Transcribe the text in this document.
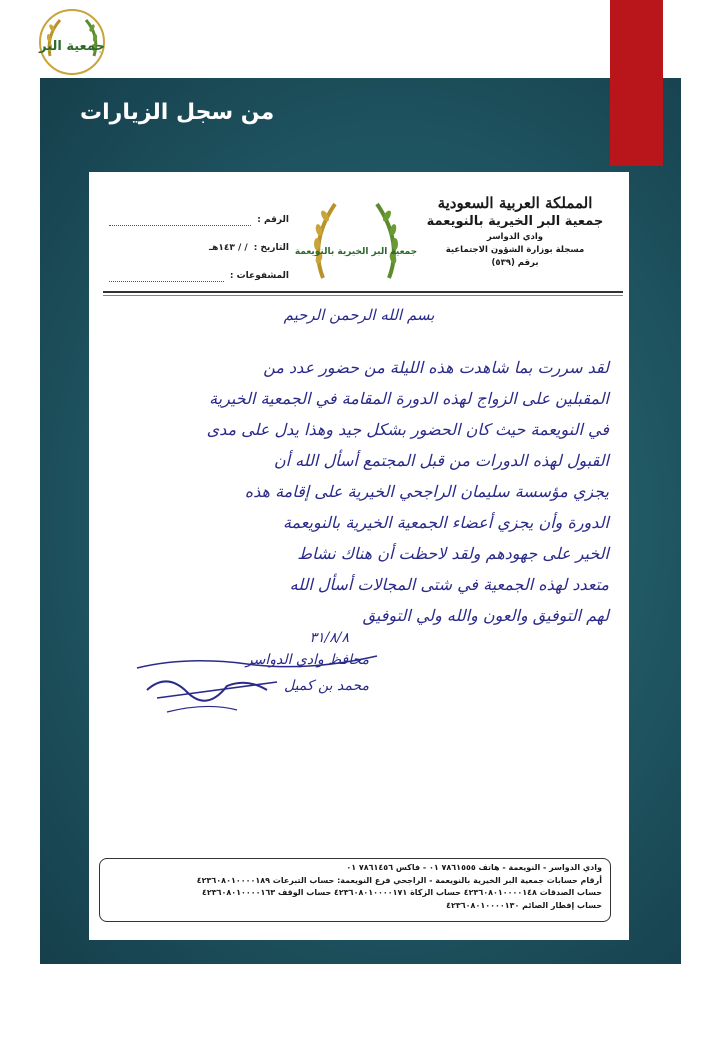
جمعية البر
من سجل الزيارات
المملكة العربية السعودية
جمعية البر الخيرية بالنويعمة
وادي الدواسر
مسجلة بوزارة الشؤون الاجتماعية
برقم (٥٣٩)
جمعية البر الخيرية بالنويعمة
الرقم :
التاريخ :
/ / ١٤٣هـ
المشفوعات :
بسم الله الرحمن الرحيم
لقد سررت بما شاهدت هذه الليلة من حضور عدد من
المقبلين على الزواج لهذه الدورة المقامة في الجمعية الخيرية
في النويعمة حيث كان الحضور بشكل جيد وهذا يدل على مدى
القبول لهذه الدورات من قبل المجتمع أسأل الله أن
يجزي مؤسسة سليمان الراجحي الخيرية على إقامة هذه
الدورة وأن يجزي أعضاء الجمعية الخيرية بالنويعمة
الخير على جهودهم ولقد لاحظت أن هناك نشاط
متعدد لهذه الجمعية في شتى المجالات أسأل الله
لهم التوفيق والعون والله ولي التوفيق
٣١/٨/٨
محافظ وادي الدواسر
محمد بن كميل
وادي الدواسر - النويعمة - هاتف ٧٨٦١٥٥٥ ٠١ - فاكس ٧٨٦١٤٥٦ ٠١
أرقام حسابات جمعية البر الخيرية بالنويعمة - الراجحي فرع النويعمة: حساب التبرعات ٤٢٣٦٠٨٠١٠٠٠٠١٨٩
حساب الصدقات ٤٢٣٦٠٨٠١٠٠٠٠١٤٨ حساب الزكاة ٤٢٣٦٠٨٠١٠٠٠٠١٧١ حساب الوقف ٤٢٣٦٠٨٠١٠٠٠٠١٦٣
حساب إفطار الصائم ٤٢٣٦٠٨٠١٠٠٠٠١٣٠
